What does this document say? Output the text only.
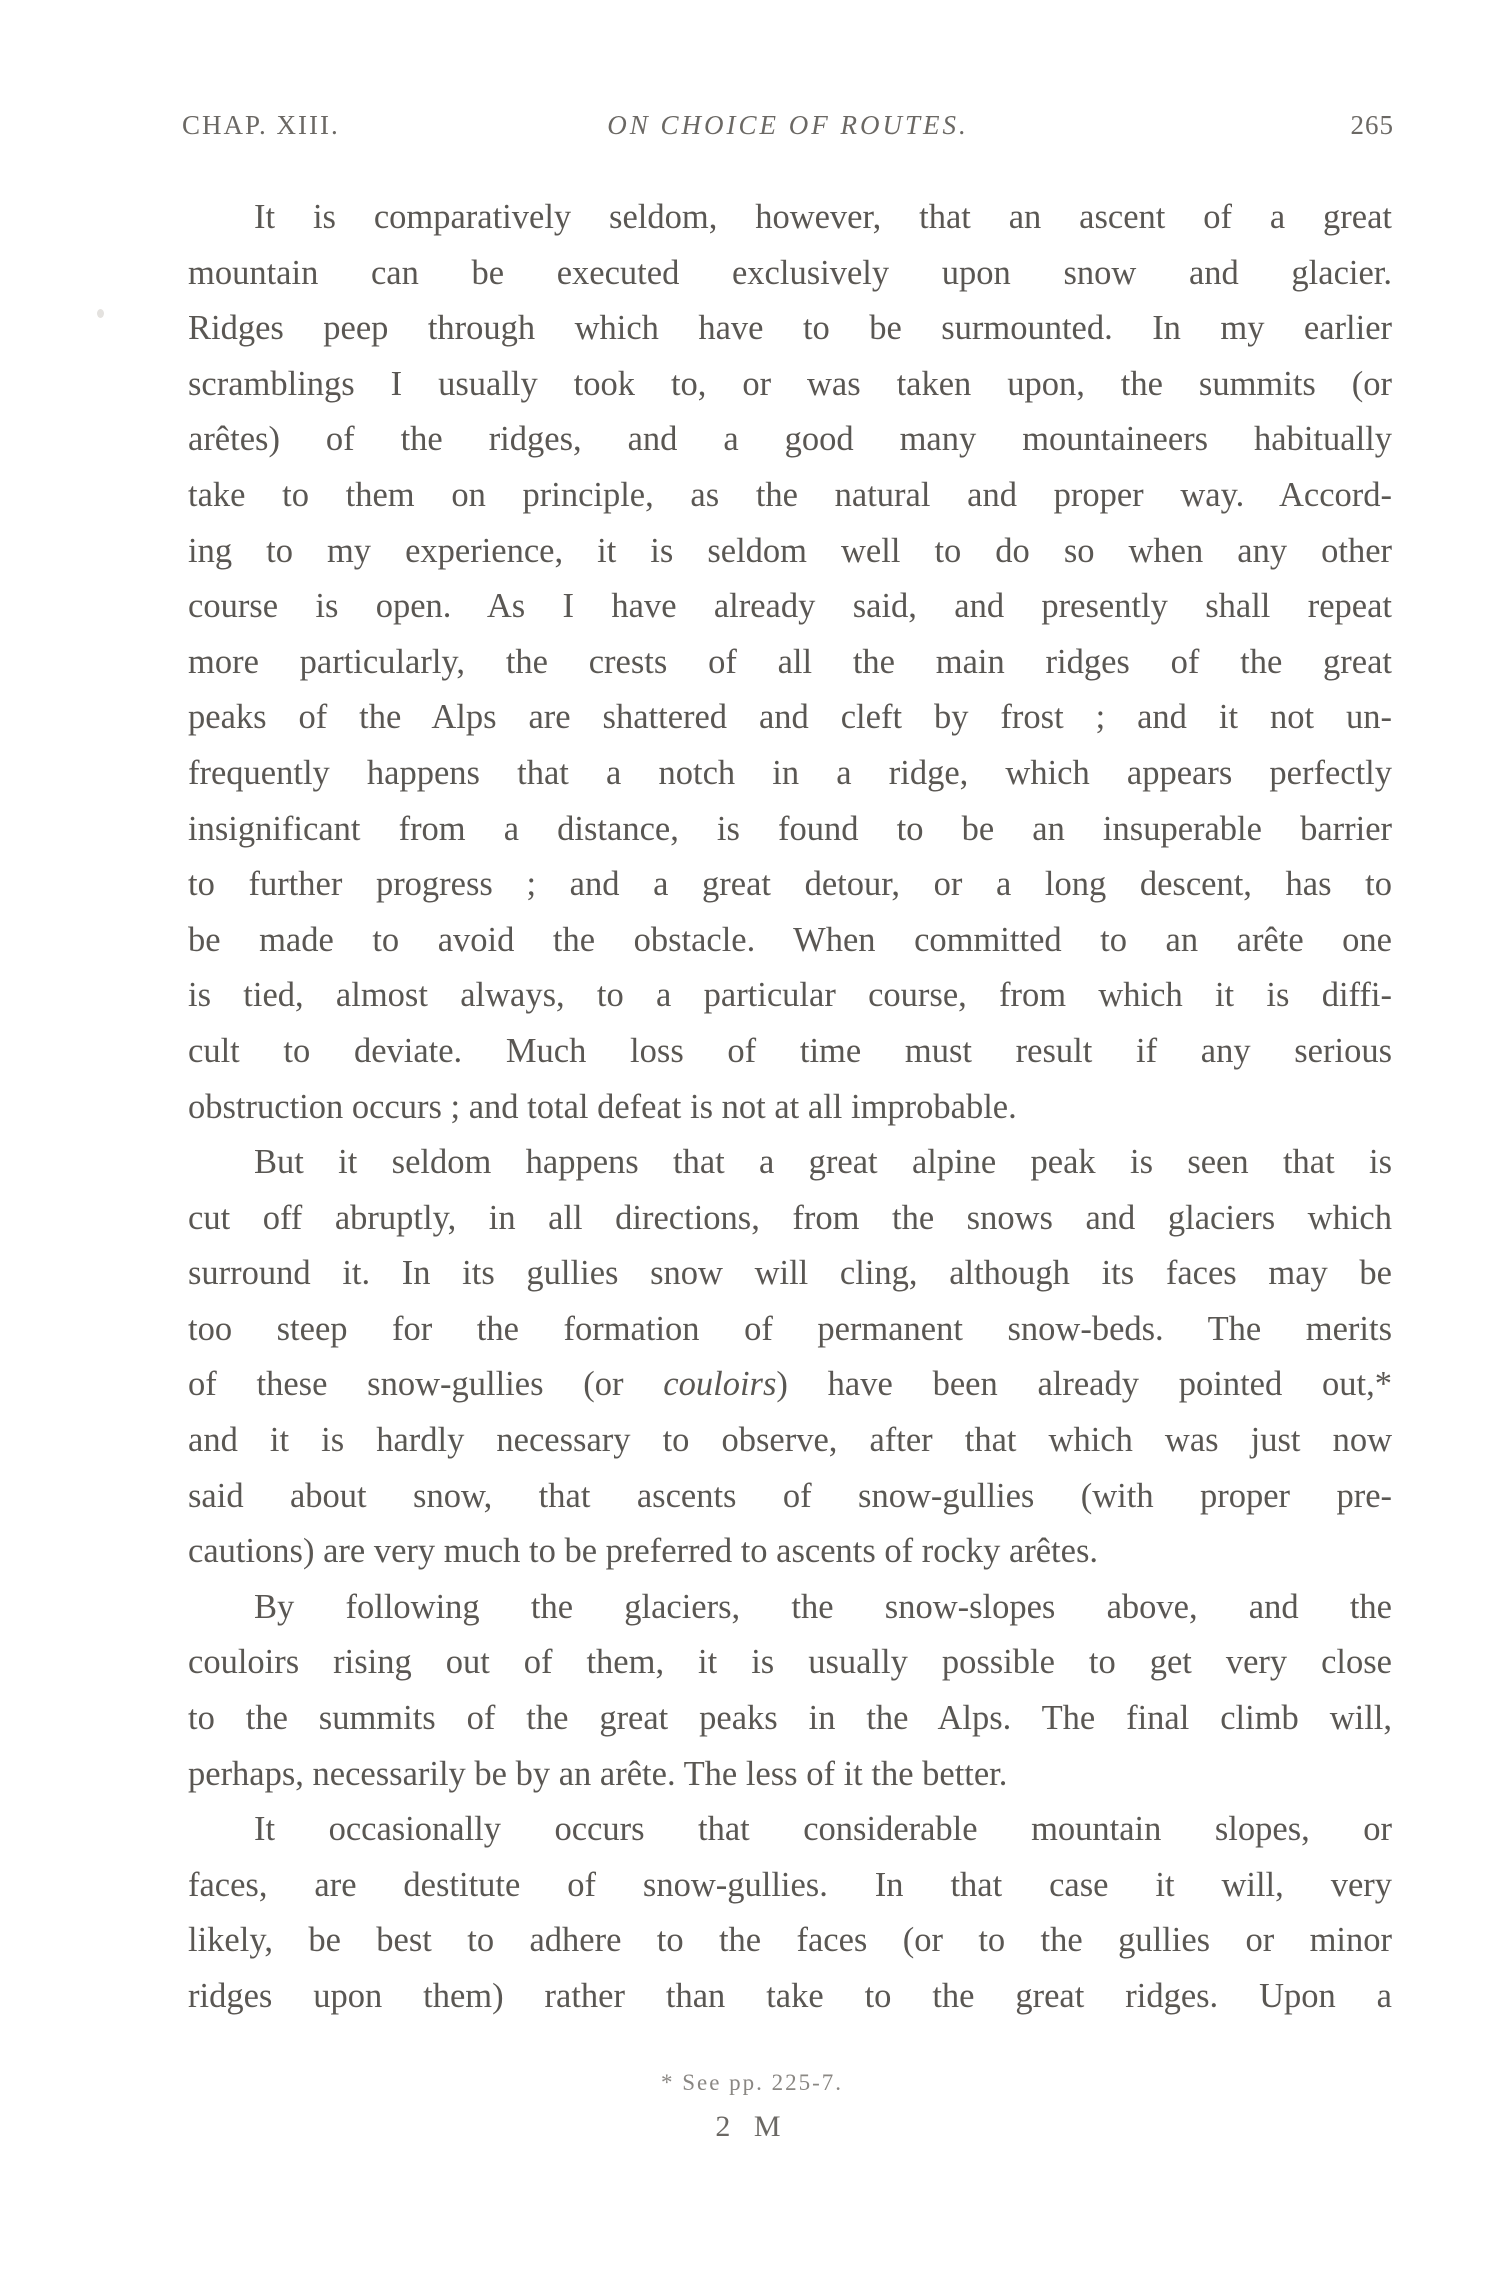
CHAP. XIII.	ON CHOICE OF ROUTES.	265
It is comparatively seldom, however, that an ascent of a great
mountain can be executed exclusively upon snow and glacier.
Ridges peep through which have to be surmounted. In my earlier
scramblings I usually took to, or was taken upon, the summits (or
arêtes) of the ridges, and a good many mountaineers habitually
take to them on principle, as the natural and proper way. Accord-
ing to my experience, it is seldom well to do so when any other
course is open. As I have already said, and presently shall repeat
more particularly, the crests of all the main ridges of the great
peaks of the Alps are shattered and cleft by frost ; and it not un-
frequently happens that a notch in a ridge, which appears perfectly
insignificant from a distance, is found to be an insuperable barrier
to further progress ; and a great detour, or a long descent, has to
be made to avoid the obstacle. When committed to an arête one
is tied, almost always, to a particular course, from which it is diffi-
cult to deviate. Much loss of time must result if any serious
obstruction occurs ; and total defeat is not at all improbable.
But it seldom happens that a great alpine peak is seen that is
cut off abruptly, in all directions, from the snows and glaciers which
surround it. In its gullies snow will cling, although its faces may be
too steep for the formation of permanent snow-beds. The merits
of these snow-gullies (or couloirs) have been already pointed out,*
and it is hardly necessary to observe, after that which was just now
said about snow, that ascents of snow-gullies (with proper pre-
cautions) are very much to be preferred to ascents of rocky arêtes.
By following the glaciers, the snow-slopes above, and the
couloirs rising out of them, it is usually possible to get very close
to the summits of the great peaks in the Alps. The final climb will,
perhaps, necessarily be by an arête. The less of it the better.
It occasionally occurs that considerable mountain slopes, or
faces, are destitute of snow-gullies. In that case it will, very
likely, be best to adhere to the faces (or to the gullies or minor
ridges upon them) rather than take to the great ridges. Upon a
* See pp. 225-7.
2 M
